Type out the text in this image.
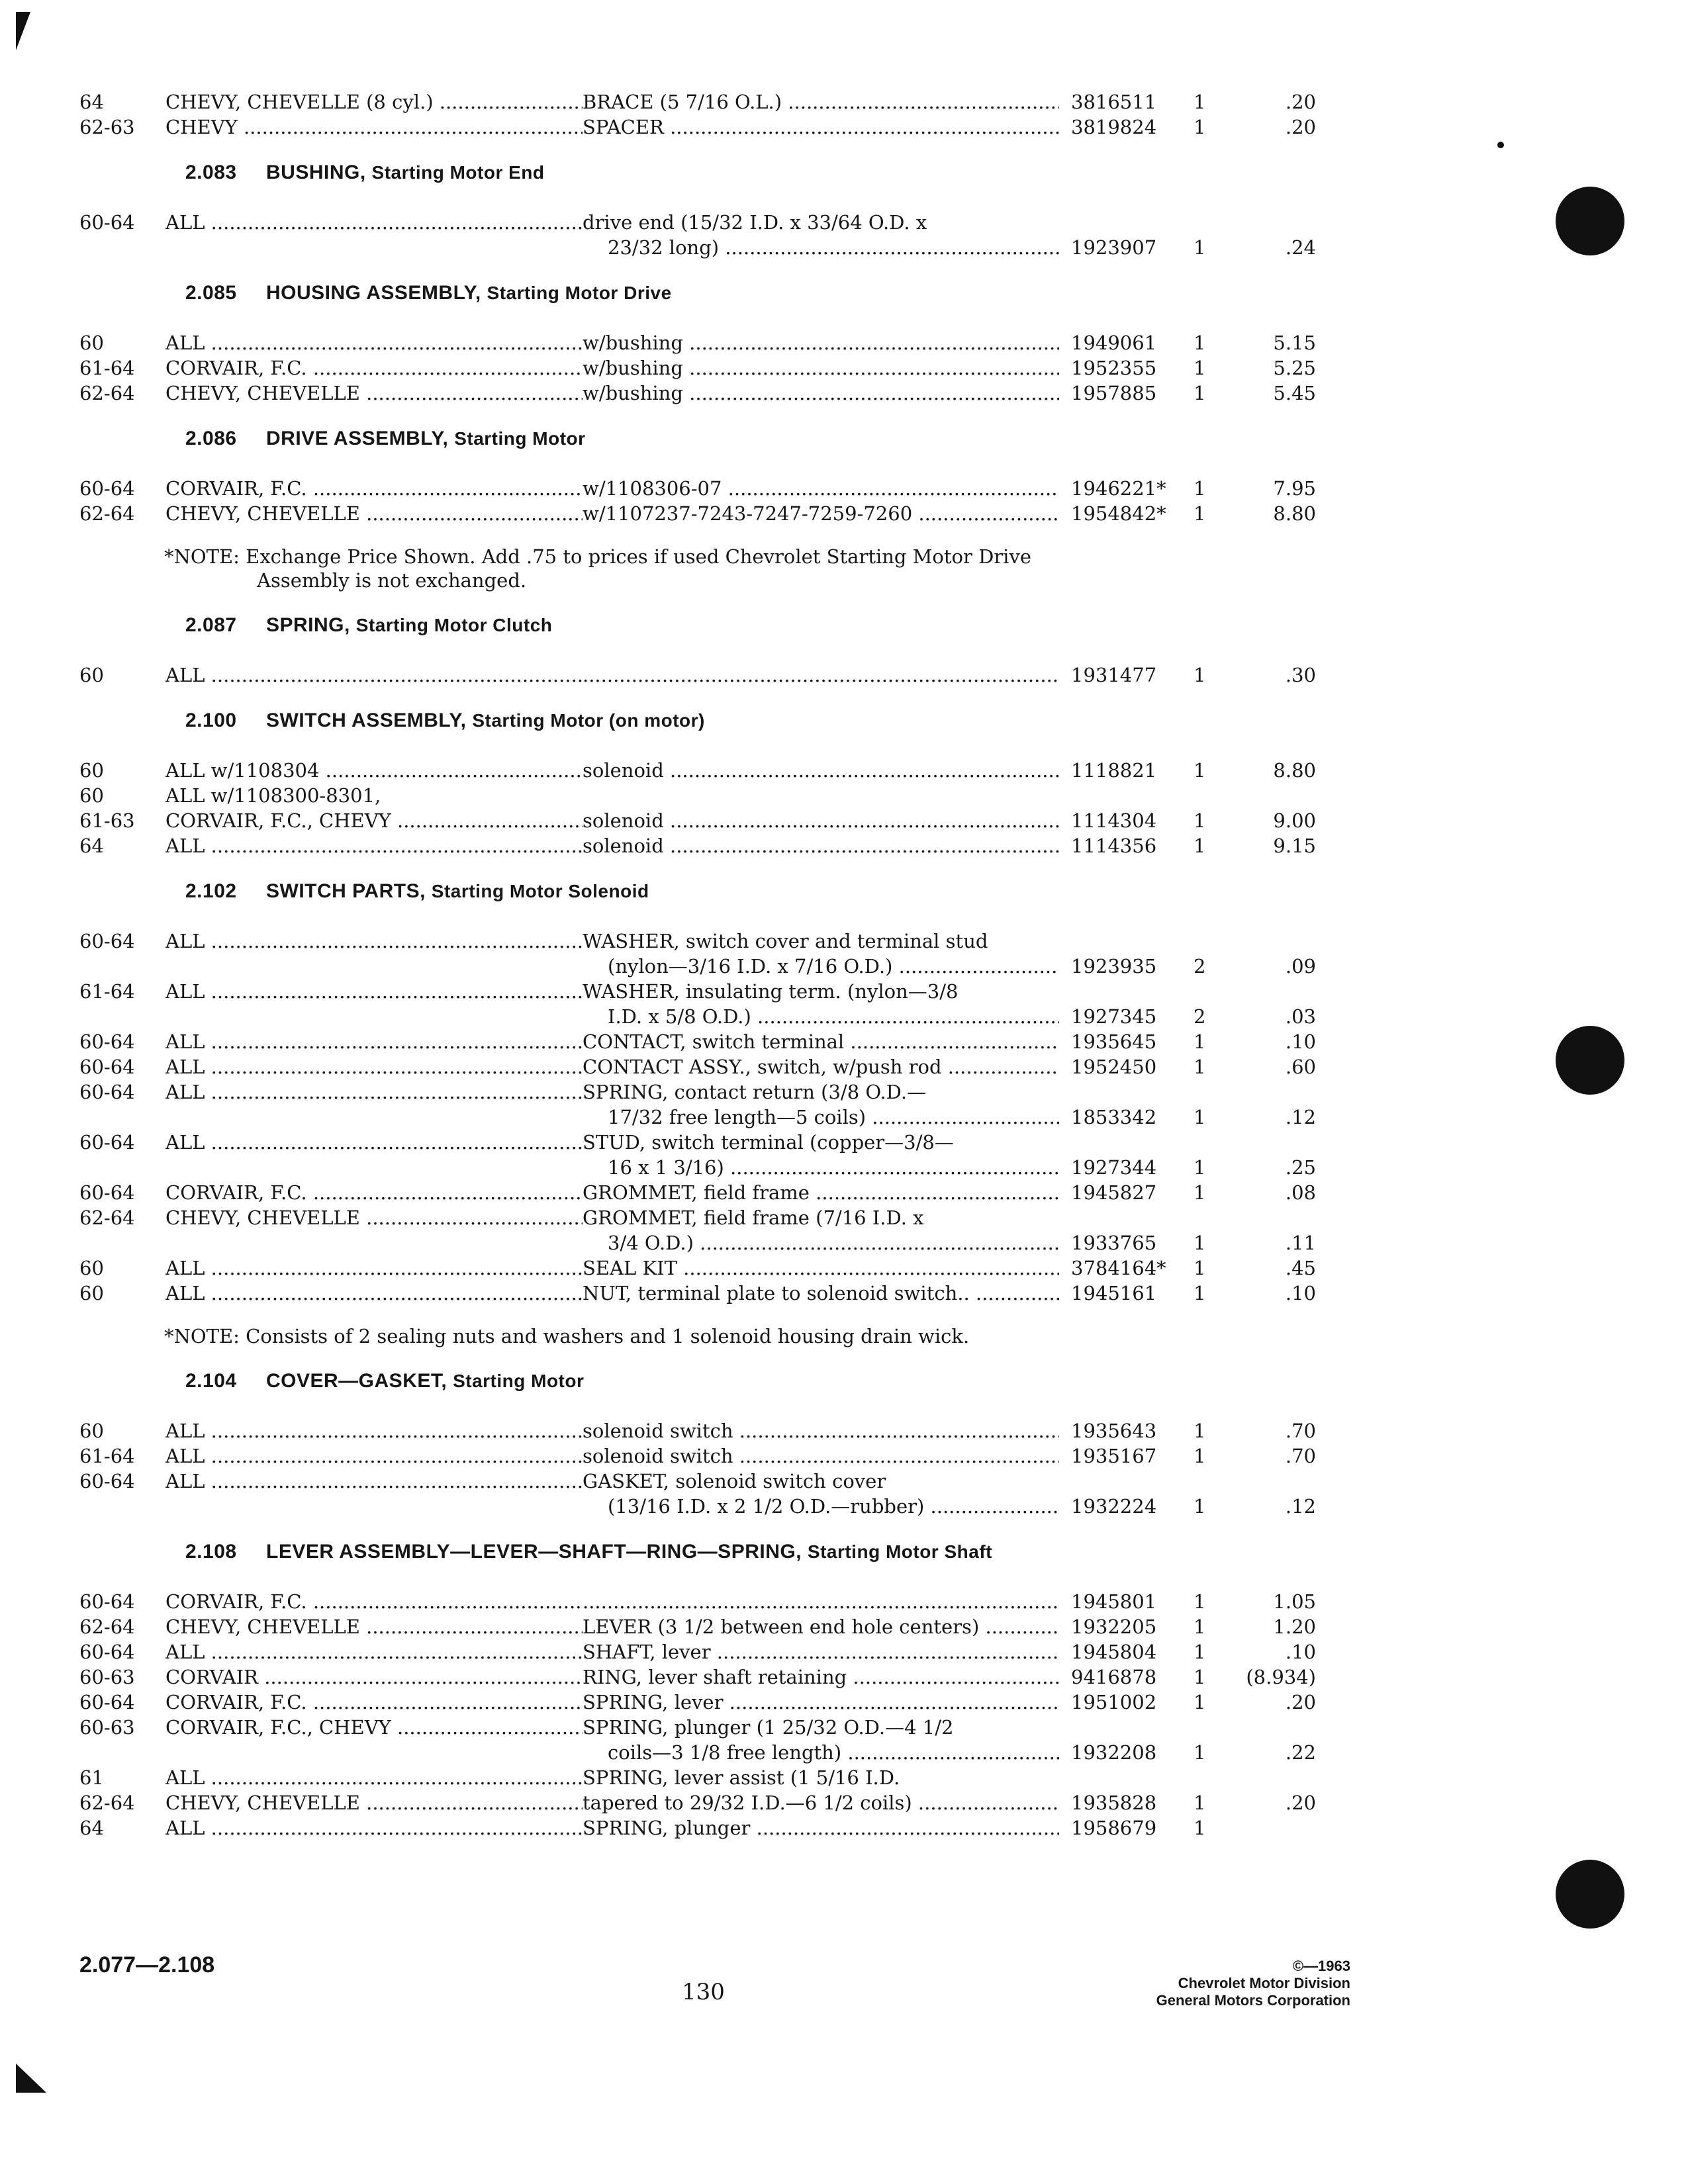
64	CHEVY, CHEVELLE (8 cyl.) .....	BRACE (5 7/16 O.L.) .....	3816511	1	.20
62-63	CHEVY .....	SPACER .....	3819824	1	.20
2.083 BUSHING, Starting Motor End
60-64	ALL .....	drive end (15/32 I.D. x 33/64 O.D. x
23/32 long) .....	1923907	1	.24
2.085 HOUSING ASSEMBLY, Starting Motor Drive
60	ALL .....	w/bushing .....	1949061	1	5.15
61-64	CORVAIR, F.C. .....	w/bushing .....	1952355	1	5.25
62-64	CHEVY, CHEVELLE .....	w/bushing .....	1957885	1	5.45
2.086 DRIVE ASSEMBLY, Starting Motor
60-64	CORVAIR, F.C. .....	w/1108306-07 .....	1946221*	1	7.95
62-64	CHEVY, CHEVELLE .....	w/1107237-7243-7247-7259-7260 .....	1954842*	1	8.80
*NOTE: Exchange Price Shown. Add .75 to prices if used Chevrolet Starting Motor Drive

Assembly is not exchanged.
2.087 SPRING, Starting Motor Clutch
60	ALL ..... .....	1931477	1	.30
2.100 SWITCH ASSEMBLY, Starting Motor (on motor)
60	ALL w/1108304 .....	solenoid .....	1118821	1	8.80
60	ALL w/1108300-8301,
61-63	CORVAIR, F.C., CHEVY .....	solenoid .....	1114304	1	9.00
64	ALL .....	solenoid .....	1114356	1	9.15
2.102 SWITCH PARTS, Starting Motor Solenoid
60-64	ALL .....	WASHER, switch cover and terminal stud
(nylon—3/16 I.D. x 7/16 O.D.) .....	1923935	2	.09
61-64	ALL .....	WASHER, insulating term. (nylon—3/8
I.D. x 5/8 O.D.) .....	1927345	2	.03
60-64	ALL .....	CONTACT, switch terminal .....	1935645	1	.10
60-64	ALL .....	CONTACT ASSY., switch, w/push rod .....	1952450	1	.60
60-64	ALL .....	SPRING, contact return (3/8 O.D.—
17/32 free length—5 coils) .....	1853342	1	.12
60-64	ALL .....	STUD, switch terminal (copper—3/8—
16 x 1 3/16) .....	1927344	1	.25
60-64	CORVAIR, F.C. .....	GROMMET, field frame .....	1945827	1	.08
62-64	CHEVY, CHEVELLE .....	GROMMET, field frame (7/16 I.D. x
3/4 O.D.) .....	1933765	1	.11
60	ALL .....	SEAL KIT .....	3784164*	1	.45
60	ALL .....	NUT, terminal plate to solenoid switch.. .....	1945161	1	.10
*NOTE: Consists of 2 sealing nuts and washers and 1 solenoid housing drain wick.

2.104 COVER—GASKET, Starting Motor
60	ALL .....	solenoid switch .....	1935643	1	.70
61-64	ALL .....	solenoid switch .....	1935167	1	.70
60-64	ALL .....	GASKET, solenoid switch cover
(13/16 I.D. x 2 1/2 O.D.—rubber) .....	1932224	1	.12
2.108 LEVER ASSEMBLY—LEVER—SHAFT—RING—SPRING, Starting Motor Shaft
60-64	CORVAIR, F.C. ..... .....	1945801	1	1.05
62-64	CHEVY, CHEVELLE .....	LEVER (3 1/2 between end hole centers) .....	1932205	1	1.20
60-64	ALL .....	SHAFT, lever .....	1945804	1	.10
60-63	CORVAIR .....	RING, lever shaft retaining .....	9416878	1	(8.934)
60-64	CORVAIR, F.C. .....	SPRING, lever .....	1951002	1	.20
60-63	CORVAIR, F.C., CHEVY .....	SPRING, plunger (1 25/32 O.D.—4 1/2
coils—3 1/8 free length) .....	1932208	1	.22
61	ALL .....	SPRING, lever assist (1 5/16 I.D.
62-64	CHEVY, CHEVELLE .....	tapered to 29/32 I.D.—6 1/2 coils) .....	1935828	1	.20
64	ALL .....	SPRING, plunger .....	1958679	1
2.077—2.108
130
©—1963
Chevrolet Motor Division
General Motors Corporation
